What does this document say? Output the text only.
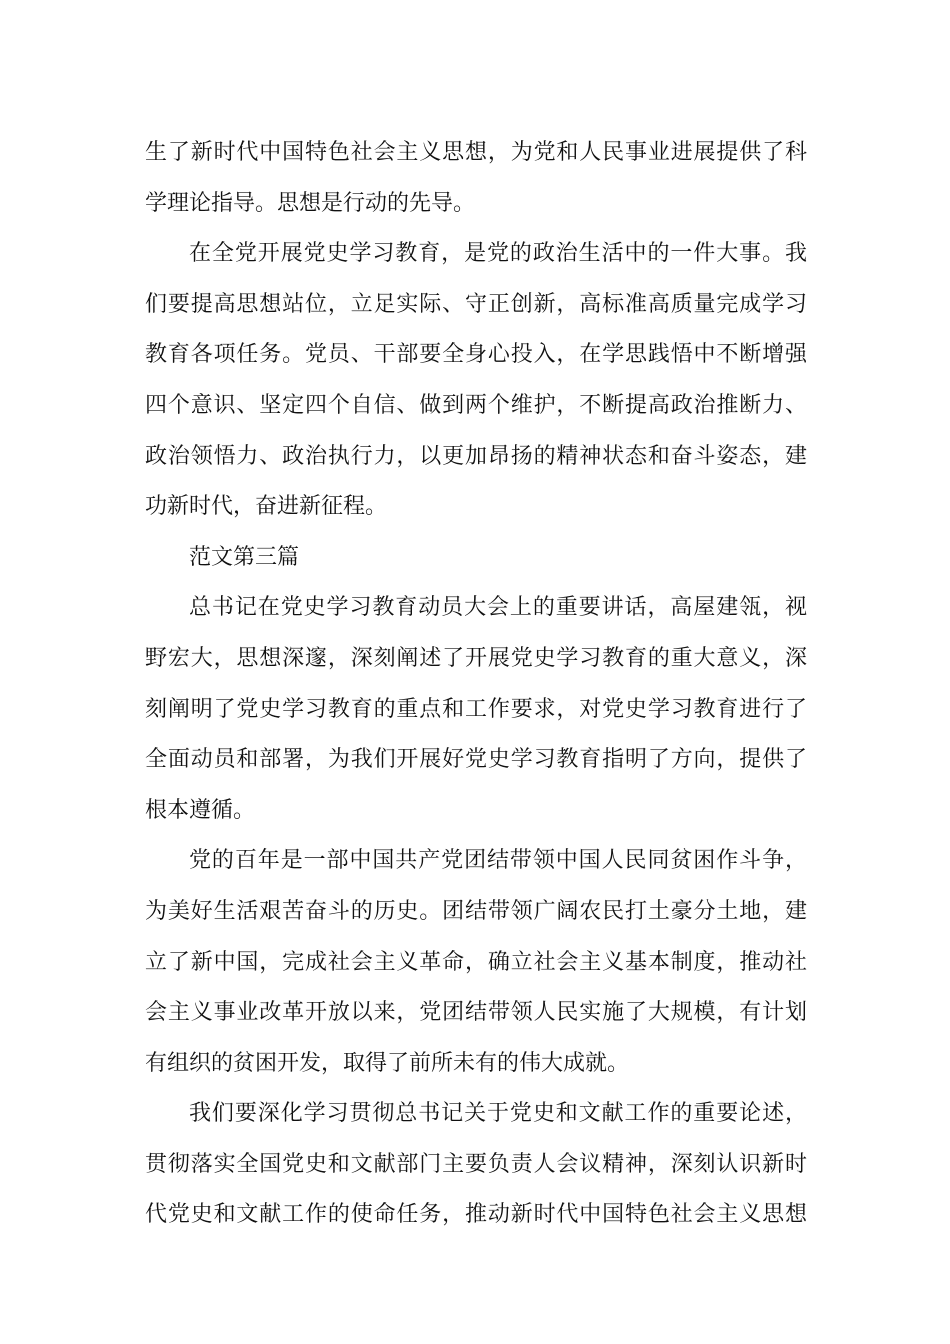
生了新时代中国特色社会主义思想，为党和人民事业进展提供了科
学理论指导。思想是行动的先导。
在全党开展党史学习教育，是党的政治生活中的一件大事。我
们要提高思想站位，立足实际、守正创新，高标准高质量完成学习
教育各项任务。党员、干部要全身心投入，在学思践悟中不断增强
四个意识、坚定四个自信、做到两个维护，不断提高政治推断力、
政治领悟力、政治执行力，以更加昂扬的精神状态和奋斗姿态，建
功新时代，奋进新征程。
范文第三篇
总书记在党史学习教育动员大会上的重要讲话，高屋建瓴，视
野宏大，思想深邃，深刻阐述了开展党史学习教育的重大意义，深
刻阐明了党史学习教育的重点和工作要求，对党史学习教育进行了
全面动员和部署，为我们开展好党史学习教育指明了方向，提供了
根本遵循。
党的百年是一部中国共产党团结带领中国人民同贫困作斗争，
为美好生活艰苦奋斗的历史。团结带领广阔农民打土豪分土地，建
立了新中国，完成社会主义革命，确立社会主义基本制度，推动社
会主义事业改革开放以来，党团结带领人民实施了大规模，有计划
有组织的贫困开发，取得了前所未有的伟大成就。
我们要深化学习贯彻总书记关于党史和文献工作的重要论述，
贯彻落实全国党史和文献部门主要负责人会议精神，深刻认识新时
代党史和文献工作的使命任务，推动新时代中国特色社会主义思想
